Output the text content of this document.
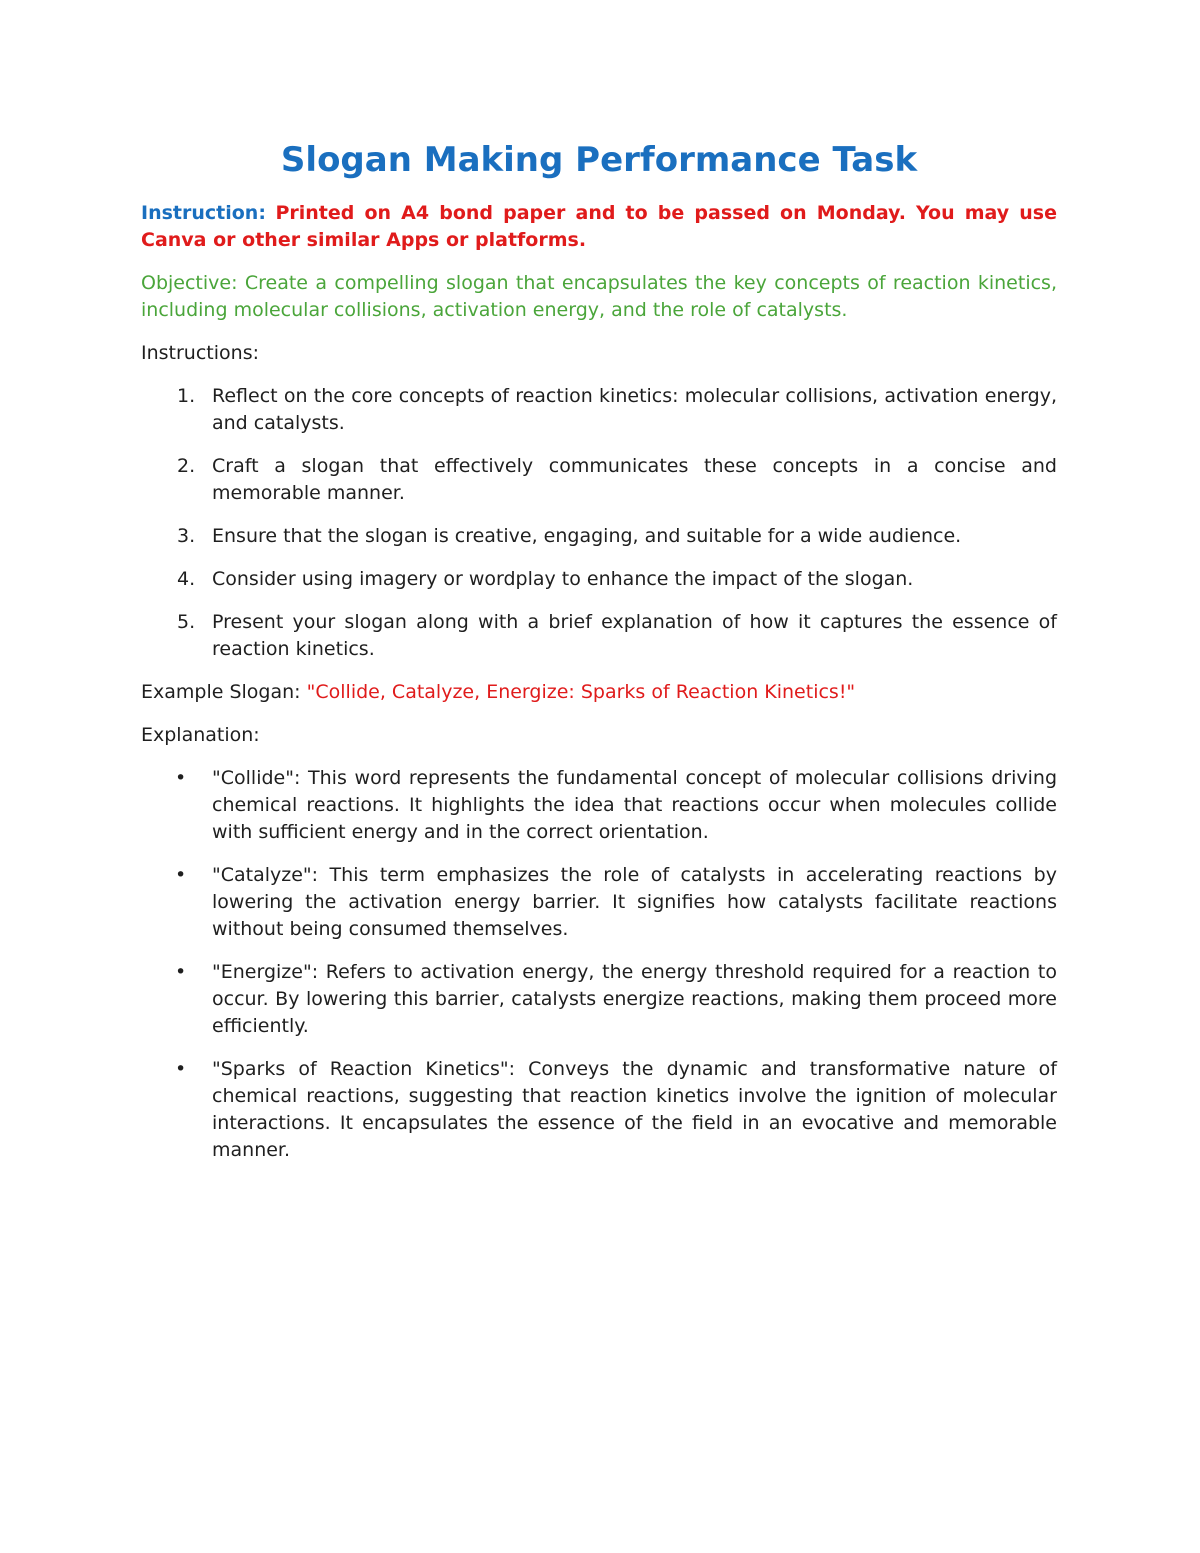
Slogan Making Performance Task

Instruction: Printed on A4 bond paper and to be passed on Monday. You may use Canva or other similar Apps or platforms.

Objective: Create a compelling slogan that encapsulates the key concepts of reaction kinetics, including molecular collisions, activation energy, and the role of catalysts.

Instructions:

1. Reflect on the core concepts of reaction kinetics: molecular collisions, activation energy, and catalysts.
2. Craft a slogan that effectively communicates these concepts in a concise and memorable manner.
3. Ensure that the slogan is creative, engaging, and suitable for a wide audience.
4. Consider using imagery or wordplay to enhance the impact of the slogan.
5. Present your slogan along with a brief explanation of how it captures the essence of reaction kinetics.

Example Slogan: "Collide, Catalyze, Energize: Sparks of Reaction Kinetics!"

Explanation:

• "Collide": This word represents the fundamental concept of molecular collisions driving chemical reactions. It highlights the idea that reactions occur when molecules collide with sufficient energy and in the correct orientation.
• "Catalyze": This term emphasizes the role of catalysts in accelerating reactions by lowering the activation energy barrier. It signifies how catalysts facilitate reactions without being consumed themselves.
• "Energize": Refers to activation energy, the energy threshold required for a reaction to occur. By lowering this barrier, catalysts energize reactions, making them proceed more efficiently.
• "Sparks of Reaction Kinetics": Conveys the dynamic and transformative nature of chemical reactions, suggesting that reaction kinetics involve the ignition of molecular interactions. It encapsulates the essence of the field in an evocative and memorable manner.
